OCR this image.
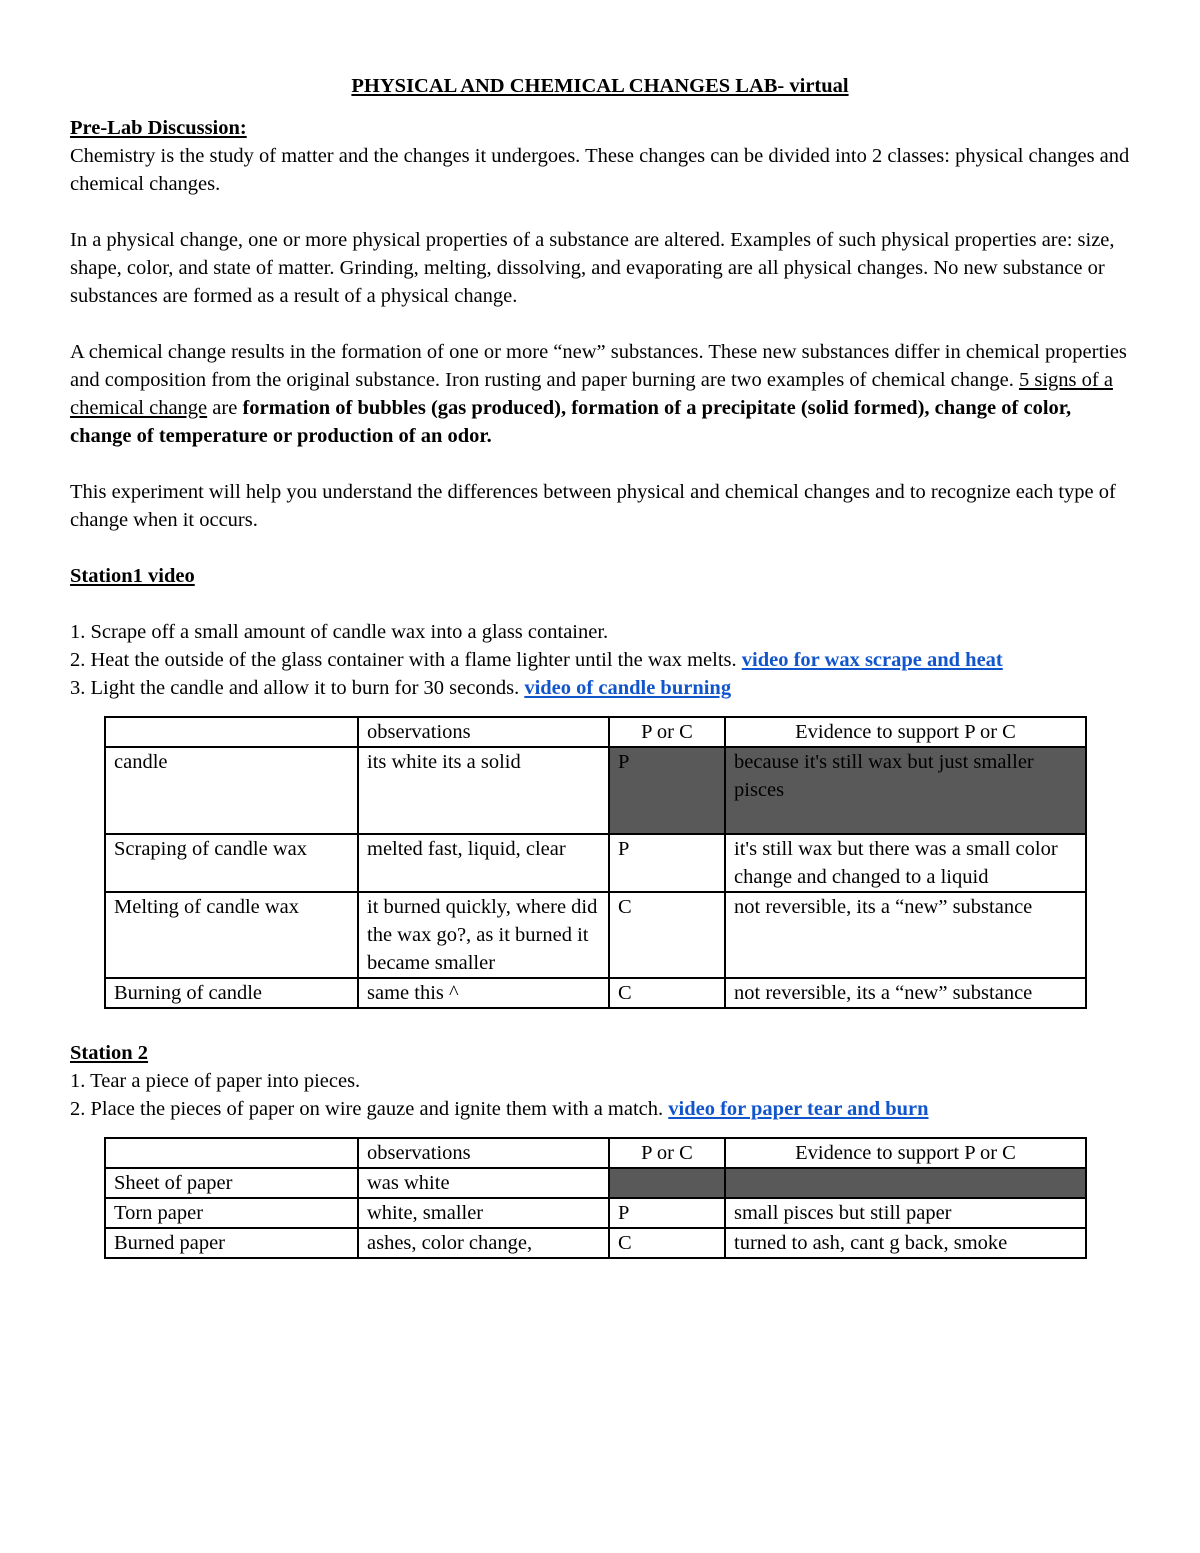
PHYSICAL AND CHEMICAL CHANGES LAB- virtual

Pre-Lab Discussion:

Chemistry is the study of matter and the changes it undergoes. These changes can be divided into 2 classes: physical changes and chemical changes.

In a physical change, one or more physical properties of a substance are altered. Examples of such physical properties are: size, shape, color, and state of matter. Grinding, melting, dissolving, and evaporating are all physical changes. No new substance or substances are formed as a result of a physical change.

A chemical change results in the formation of one or more “new” substances. These new substances differ in chemical properties and composition from the original substance. Iron rusting and paper burning are two examples of chemical change. 5 signs of a chemical change are formation of bubbles (gas produced), formation of a precipitate (solid formed), change of color, change of temperature or production of an odor.

This experiment will help you understand the differences between physical and chemical changes and to recognize each type of change when it occurs.

Station1 video

1. Scrape off a small amount of candle wax into a glass container.
2. Heat the outside of the glass container with a flame lighter until the wax melts. video for wax scrape and heat
3. Light the candle and allow it to burn for 30 seconds. video of candle burning
	observations	P or C	Evidence to support P or C
candle	its white its a solid	P	because it's still wax but just smaller pisces
Scraping of candle wax	melted fast, liquid, clear	P	it's still wax but there was a small color change and changed to a liquid
Melting of candle wax	it burned quickly, where did the wax go?, as it burned it became smaller	C	not reversible, its a “new” substance
Burning of candle	same this ^	C	not reversible, its a “new” substance

Station 2

1. Tear a piece of paper into pieces.
2. Place the pieces of paper on wire gauze and ignite them with a match. video for paper tear and burn
	observations	P or C	Evidence to support P or C
Sheet of paper	was white		
Torn paper	white, smaller	P	small pisces but still paper
Burned paper	ashes, color change,	C	turned to ash, cant g back, smoke
